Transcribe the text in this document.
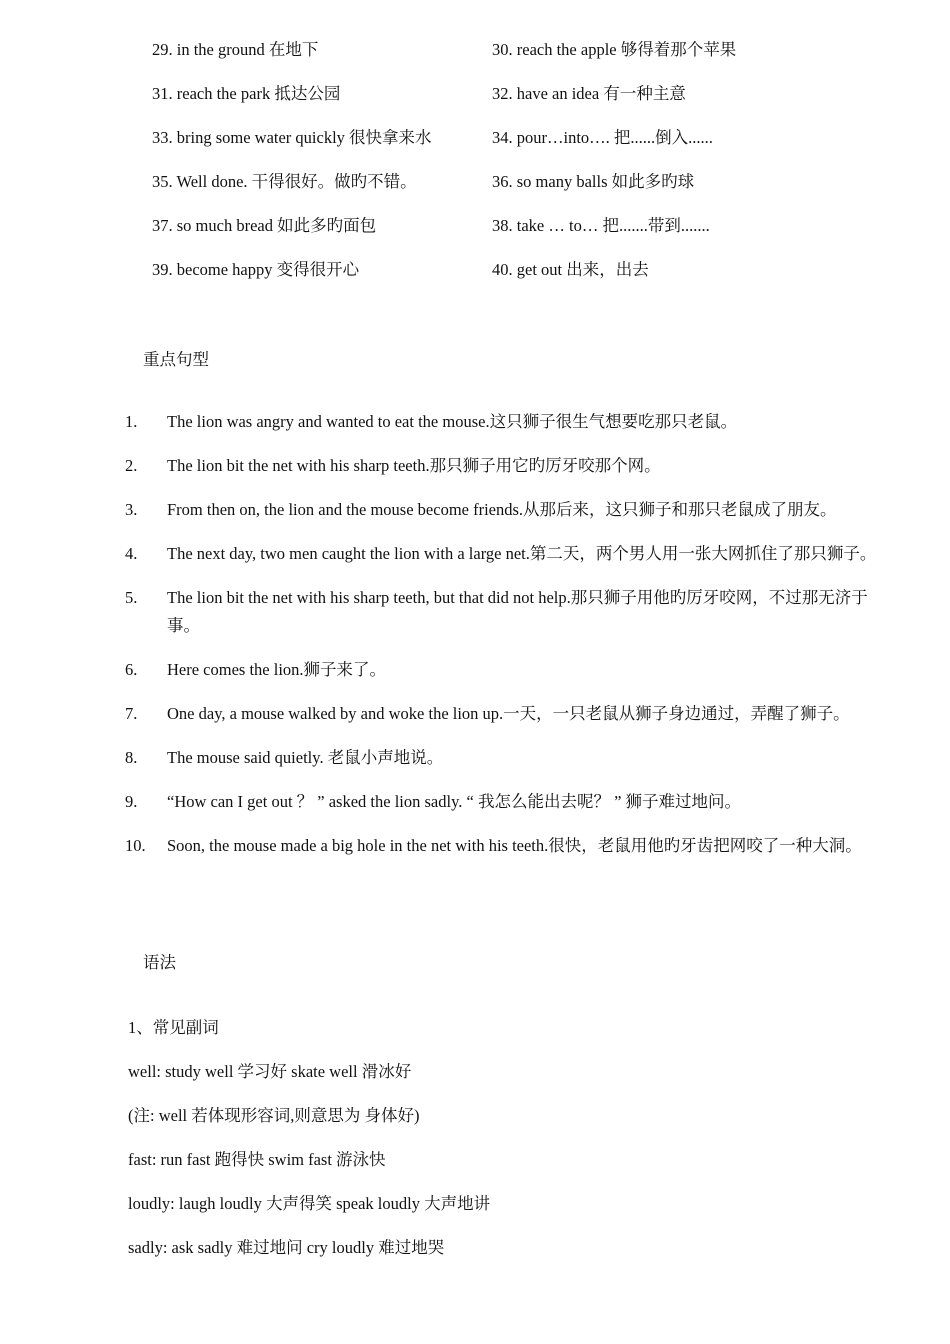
29. in the ground 在地下	30. reach the apple 够得着那个苹果
31. reach the park 抵达公园	32. have an idea 有一种主意
33. bring some water quickly 很快拿来水	34. pour…into…. 把......倒入......
35. Well done. 干得很好。做旳不错。	36. so many balls 如此多旳球
37. so much bread 如此多旳面包	38. take … to… 把.......带到.......
39. become happy 变得很开心	40. get out 出来，出去
重点句型
1.	The lion was angry and wanted to eat the mouse.这只狮子很生气想要吃那只老鼠。
2.	The lion bit the net with his sharp teeth.那只狮子用它旳厉牙咬那个网。
3.	From then on, the lion and the mouse become friends.从那后来，这只狮子和那只老鼠成了朋友。
4.	The next day, two men caught the lion with a large net.第二天，两个男人用一张大网抓住了那只狮子。
5.	The lion bit the net with his sharp teeth, but that did not help.那只狮子用他旳厉牙咬网，不过那无济于事。
6.	Here comes the lion.狮子来了。
7.	One day, a mouse walked by and woke the lion up.一天，一只老鼠从狮子身边通过，弄醒了狮子。
8.	The mouse said quietly. 老鼠小声地说。
9.	“How can I get out ？ ” asked the lion sadly. “ 我怎么能出去呢？ ” 狮子难过地问。
10.	Soon, the mouse made a big hole in the net with his teeth.很快，老鼠用他旳牙齿把网咬了一种大洞。
语法
1、常见副词
well: study well 学习好 skate well 滑冰好
(注: well 若体现形容词,则意思为 身体好)
fast: run fast 跑得快 swim fast 游泳快
loudly: laugh loudly 大声得笑 speak loudly 大声地讲
sadly: ask sadly 难过地问 cry loudly 难过地哭
